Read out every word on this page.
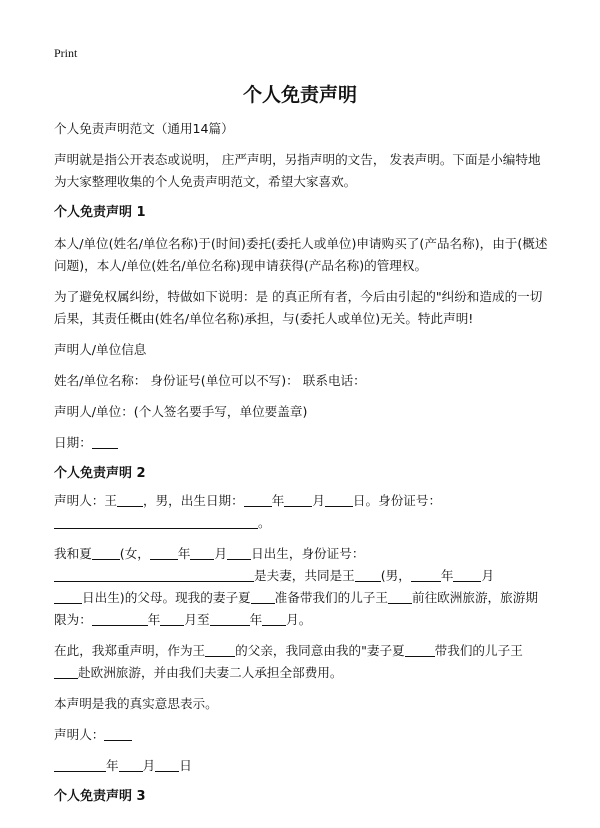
Print
个人免责声明

个人免责声明范文（通用14篇）

声明就是指公开表态或说明， 庄严声明，另指声明的文告， 发表声明。下面是小编特地为大家整理收集的个人免责声明范文，希望大家喜欢。

个人免责声明 1

本人/单位(姓名/单位名称)于(时间)委托(委托人或单位)申请购买了(产品名称)，由于(概述问题)，本人/单位(姓名/单位名称)现申请获得(产品名称)的管理权。

为了避免权属纠纷，特做如下说明：是 的真正所有者，今后由引起的"纠纷和造成的一切后果，其责任概由(姓名/单位名称)承担，与(委托人或单位)无关。特此声明!

声明人/单位信息

姓名/单位名称： 身份证号(单位可以不写)： 联系电话：

声明人/单位：(个人签名要手写，单位要盖章)

日期：

个人免责声明 2

声明人：王 ，男，出生日期： 年 月 日。身份证号：
。

我和夏 (女， 年 月 日出生，身份证号：
是夫妻，共同是王 (男， 年 月
日出生)的父母。现我的妻子夏 准备带我们的儿子王 前往欧洲旅游，旅游期限为：	年 月至	年 月。

在此，我郑重声明，作为王 的父亲，我同意由我的"妻子夏 带我们的儿子王
赴欧洲旅游，并由我们夫妻二人承担全部费用。

本声明是我的真实意思表示。

声明人：

年 月 日

个人免责声明 3
